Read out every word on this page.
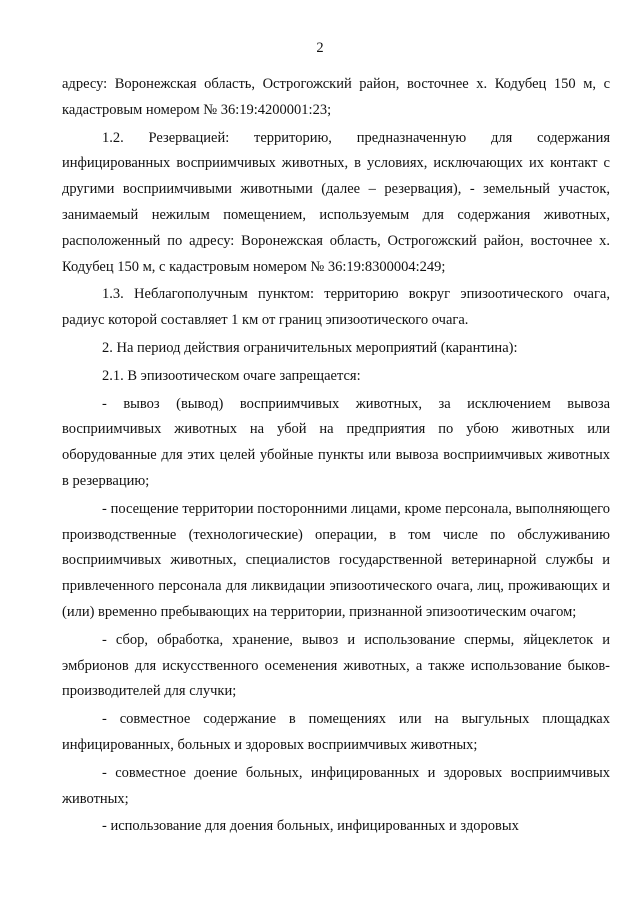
2

адресу: Воронежская область, Острогожский район, восточнее х. Кодубец 150 м, с кадастровым номером № 36:19:4200001:23;

1.2. Резервацией: территорию, предназначенную для содержания инфицированных восприимчивых животных, в условиях, исключающих их контакт с другими восприимчивыми животными (далее – резервация), - земельный участок, занимаемый нежилым помещением, используемым для содержания животных, расположенный по адресу: Воронежская область, Острогожский район, восточнее х. Кодубец 150 м, с кадастровым номером № 36:19:8300004:249;

1.3. Неблагополучным пунктом: территорию вокруг эпизоотического очага, радиус которой составляет 1 км от границ эпизоотического очага.

2. На период действия ограничительных мероприятий (карантина):

2.1. В эпизоотическом очаге запрещается:

- вывоз (вывод) восприимчивых животных, за исключением вывоза восприимчивых животных на убой на предприятия по убою животных или оборудованные для этих целей убойные пункты или вывоза восприимчивых животных в резервацию;

- посещение территории посторонними лицами, кроме персонала, выполняющего производственные (технологические) операции, в том числе по обслуживанию восприимчивых животных, специалистов государственной ветеринарной службы и привлеченного персонала для ликвидации эпизоотического очага, лиц, проживающих и (или) временно пребывающих на территории, признанной эпизоотическим очагом;

- сбор, обработка, хранение, вывоз и использование спермы, яйцеклеток и эмбрионов для искусственного осеменения животных, а также использование быков-производителей для случки;

- совместное содержание в помещениях или на выгульных площадках инфицированных, больных и здоровых восприимчивых животных;

- совместное доение больных, инфицированных и здоровых восприимчивых животных;

- использование для доения больных, инфицированных и здоровых
